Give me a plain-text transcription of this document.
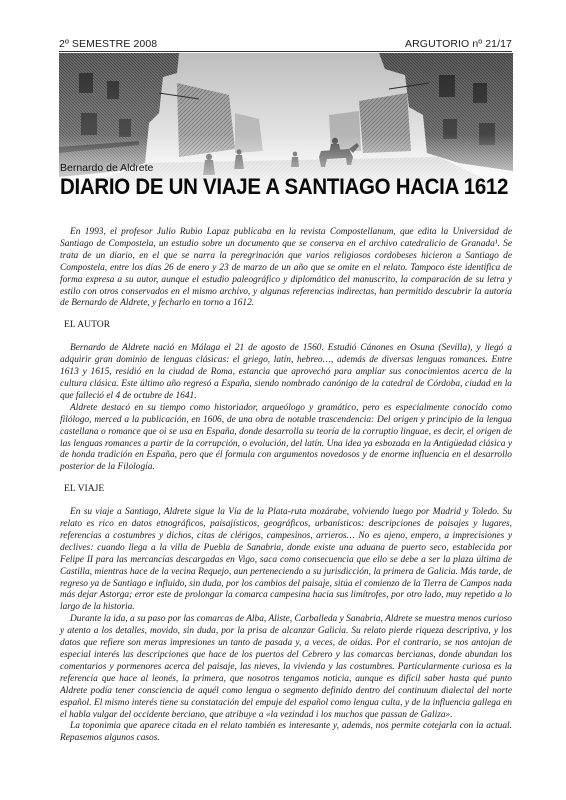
2º SEMESTRE 2008	ARGUTORIO nº 21/17
Bernardo de Aldrete
DIARIO DE UN VIAJE A SANTIAGO HACIA 1612

En 1993, el profesor Julio Rubio Lapaz publicaba en la revista Compostellanum, que edita la Universidad de Santiago de Compostela, un estudio sobre un documento que se conserva en el archivo catedralicio de Granada¹. Se trata de un diario, en el que se narra la peregrinación que varios religiosos cordobeses hicieron a Santiago de Compostela, entre los días 26 de enero y 23 de marzo de un año que se omite en el relato. Tampoco éste identifica de forma expresa a su autor, aunque el estudio paleográfico y diplomático del manuscrito, la comparación de su letra y estilo con otros conservados en el mismo archivo, y algunas referencias indirectas, han permitido descubrir la autoría de Bernardo de Aldrete, y fecharlo en torno a 1612.

EL AUTOR

Bernardo de Aldrete nació en Málaga el 21 de agosto de 1560. Estudió Cánones en Osuna (Sevilla), y llegó a adquirir gran dominio de lenguas clásicas: el griego, latín, hebreo…, además de diversas lenguas romances. Entre 1613 y 1615, residió en la ciudad de Roma, estancia que aprovechó para ampliar sus conocimientos acerca de la cultura clásica. Este último año regresó a España, siendo nombrado canónigo de la catedral de Córdoba, ciudad en la que falleció el 4 de octubre de 1641.

Aldrete destacó en su tiempo como historiador, arqueólogo y gramático, pero es especialmente conocido como filólogo, merced a la publicación, en 1606, de una obra de notable trascendencia: Del origen y principio de la lengua castellana o romance que oi se usa en España, donde desarrolla su teoría de la corruptio linguae, es decir, el origen de las lenguas romances a partir de la corrupción, o evolución, del latín. Una idea ya esbozada en la Antigüedad clásica y de honda tradición en España, pero que él formula con argumentos novedosos y de enorme influencia en el desarrollo posterior de la Filología.

EL VIAJE

En su viaje a Santiago, Aldrete sigue la Vía de la Plata-ruta mozárabe, volviendo luego por Madrid y Toledo. Su relato es rico en datos etnográficos, paisajísticos, geográficos, urbanísticos: descripciones de paisajes y lugares, referencias a costumbres y dichos, citas de clérigos, campesinos, arrieros… No es ajeno, empero, a imprecisiones y declives: cuando llega a la villa de Puebla de Sanabria, donde existe una aduana de puerto seco, establecida por Felipe II para las mercancías descargadas en Vigo, saca como consecuencia que ello se debe a ser la plaza última de Castilla, mientras hace de la vecina Requejo, aun perteneciendo a su jurisdicción, la primera de Galicia. Más tarde, de regreso ya de Santiago e influido, sin duda, por los cambios del paisaje, sitúa el comienzo de la Tierra de Campos nada más dejar Astorga; error este de prolongar la comarca campesina hacia sus limítrofes, por otro lado, muy repetido a lo largo de la historia.

Durante la ida, a su paso por las comarcas de Alba, Aliste, Carballeda y Sanabria, Aldrete se muestra menos curioso y atento a los detalles, movido, sin duda, por la prisa de alcanzar Galicia. Su relato pierde riqueza descriptiva, y los datos que refiere son meras impresiones un tanto de pasada y, a veces, de oídas. Por el contrario, se nos antojan de especial interés las descripciones que hace de los puertos del Cebrero y las comarcas bercianas, donde abundan los comentarios y pormenores acerca del paisaje, las nieves, la vivienda y las costumbres. Particularmente curiosa es la referencia que hace al leonés, la primera, que nosotros tengamos noticia, aunque es difícil saber hasta qué punto Aldrete podía tener consciencia de aquél como lengua o segmento definido dentro del continuum dialectal del norte español. El mismo interés tiene su constatación del empuje del español como lengua culta, y de la influencia gallega en el habla vulgar del occidente berciano, que atribuye a «la vezindad i los muchos que passan de Galiza».

La toponimia que aparece citada en el relato también es interesante y, además, nos permite cotejarla con la actual. Repasemos algunos casos.
